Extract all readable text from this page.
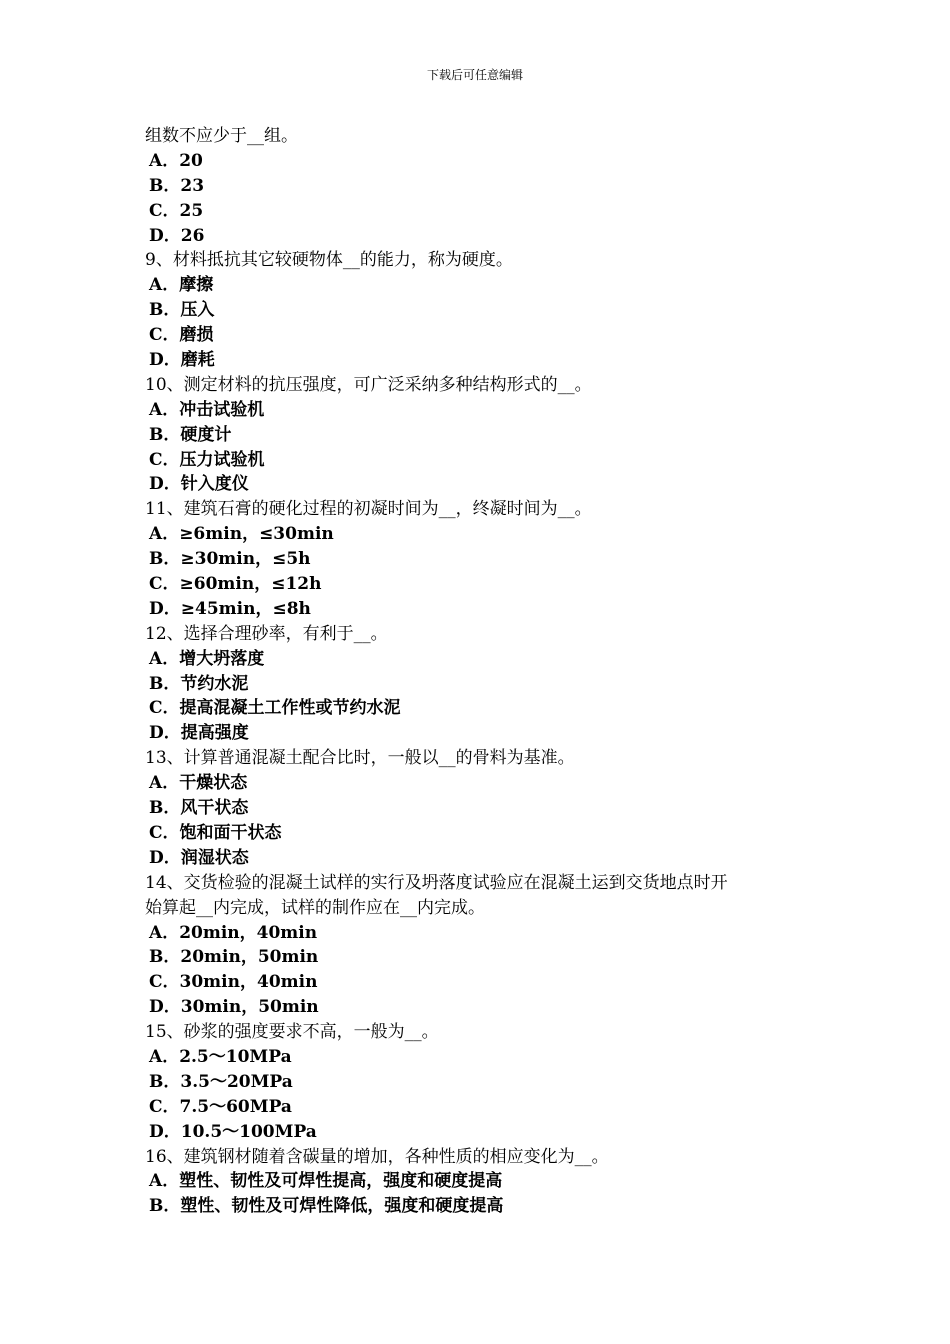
下载后可任意编辑
组数不应少于__组。
A．20
B．23
C．25
D．26
9、材料抵抗其它较硬物体__的能力，称为硬度。
A．摩擦
B．压入
C．磨损
D．磨耗
10、测定材料的抗压强度，可广泛采纳多种结构形式的__。
A．冲击试验机
B．硬度计
C．压力试验机
D．针入度仪
11、建筑石膏的硬化过程的初凝时间为__，终凝时间为__。
A．≥6min，≤30min
B．≥30min，≤5h
C．≥60min，≤12h
D．≥45min，≤8h
12、选择合理砂率，有利于__。
A．增大坍落度
B．节约水泥
C．提高混凝土工作性或节约水泥
D．提高强度
13、计算普通混凝土配合比时，一般以__的骨料为基准。
A．干燥状态
B．风干状态
C．饱和面干状态
D．润湿状态
14、交货检验的混凝土试样的实行及坍落度试验应在混凝土运到交货地点时开
始算起__内完成，试样的制作应在__内完成。
A．20min，40min
B．20min，50min
C．30min，40min
D．30min，50min
15、砂浆的强度要求不高，一般为__。
A．2.5～10MPa
B．3.5～20MPa
C．7.5～60MPa
D．10.5～100MPa
16、建筑钢材随着含碳量的增加，各种性质的相应变化为__。
A．塑性、韧性及可焊性提高，强度和硬度提高
B．塑性、韧性及可焊性降低，强度和硬度提高
